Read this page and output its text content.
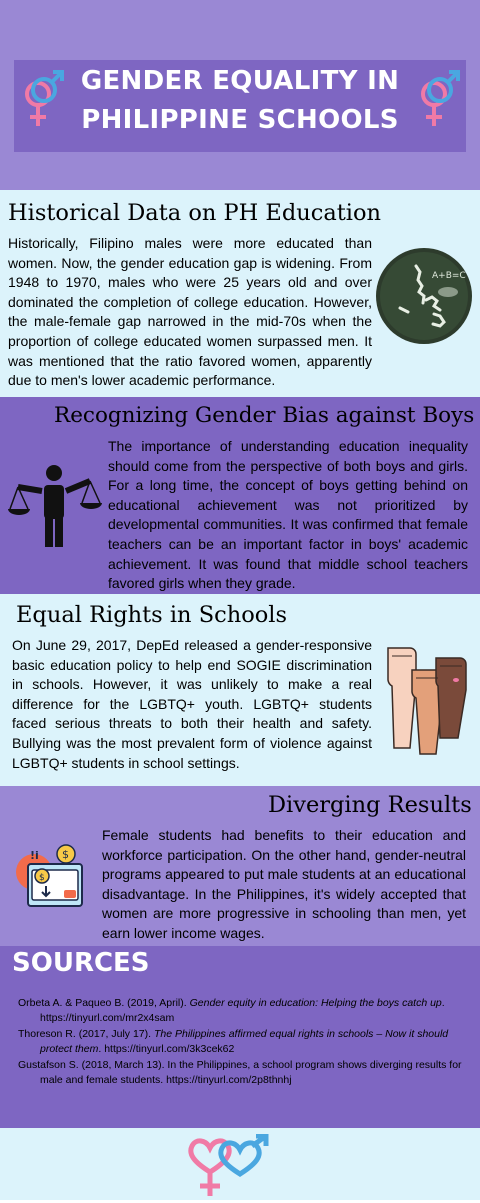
GENDER EQUALITY IN PHILIPPINE SCHOOLS
Historical Data on PH Education
Historically, Filipino males were more educated than women. Now, the gender education gap is widening. From 1948 to 1970, males who were 25 years old and over dominated the completion of college education. However, the male-female gap narrowed in the mid-70s when the proportion of college educated women surpassed men. It was mentioned that the ratio favored women, apparently due to men's lower academic performance.
A+B=C
Recognizing Gender Bias against Boys
The importance of understanding education inequality should come from the perspective of both boys and girls. For a long time, the concept of boys getting behind on educational achievement was not prioritized by developmental communities. It was confirmed that female teachers can be an important factor in boys' academic achievement. It was found that middle school teachers favored girls when they grade.
Equal Rights in Schools
On June 29, 2017, DepEd released a gender-responsive basic education policy to help end SOGIE discrimination in schools. However, it was unlikely to make a real difference for the LGBTQ+ youth. LGBTQ+ students faced serious threats to both their health and safety. Bullying was the most prevalent form of violence against LGBTQ+ students in school settings.
Diverging Results
Female students had benefits to their education and workforce participation. On the other hand, gender-neutral programs appeared to put male students at an educational disadvantage. In the Philippines, it's widely accepted that women are more progressive in schooling than men, yet earn lower income wages.
$
$
!i
SOURCES
Orbeta A. & Paqueo B. (2019, April). Gender equity in education: Helping the boys catch up. https://tinyurl.com/mr2x4sam
Thoreson R. (2017, July 17). The Philippines affirmed equal rights in schools – Now it should protect them. https://tinyurl.com/3k3cek62
Gustafson S. (2018, March 13). In the Philippines, a school program shows diverging results for male and female students. https://tinyurl.com/2p8thnhj
